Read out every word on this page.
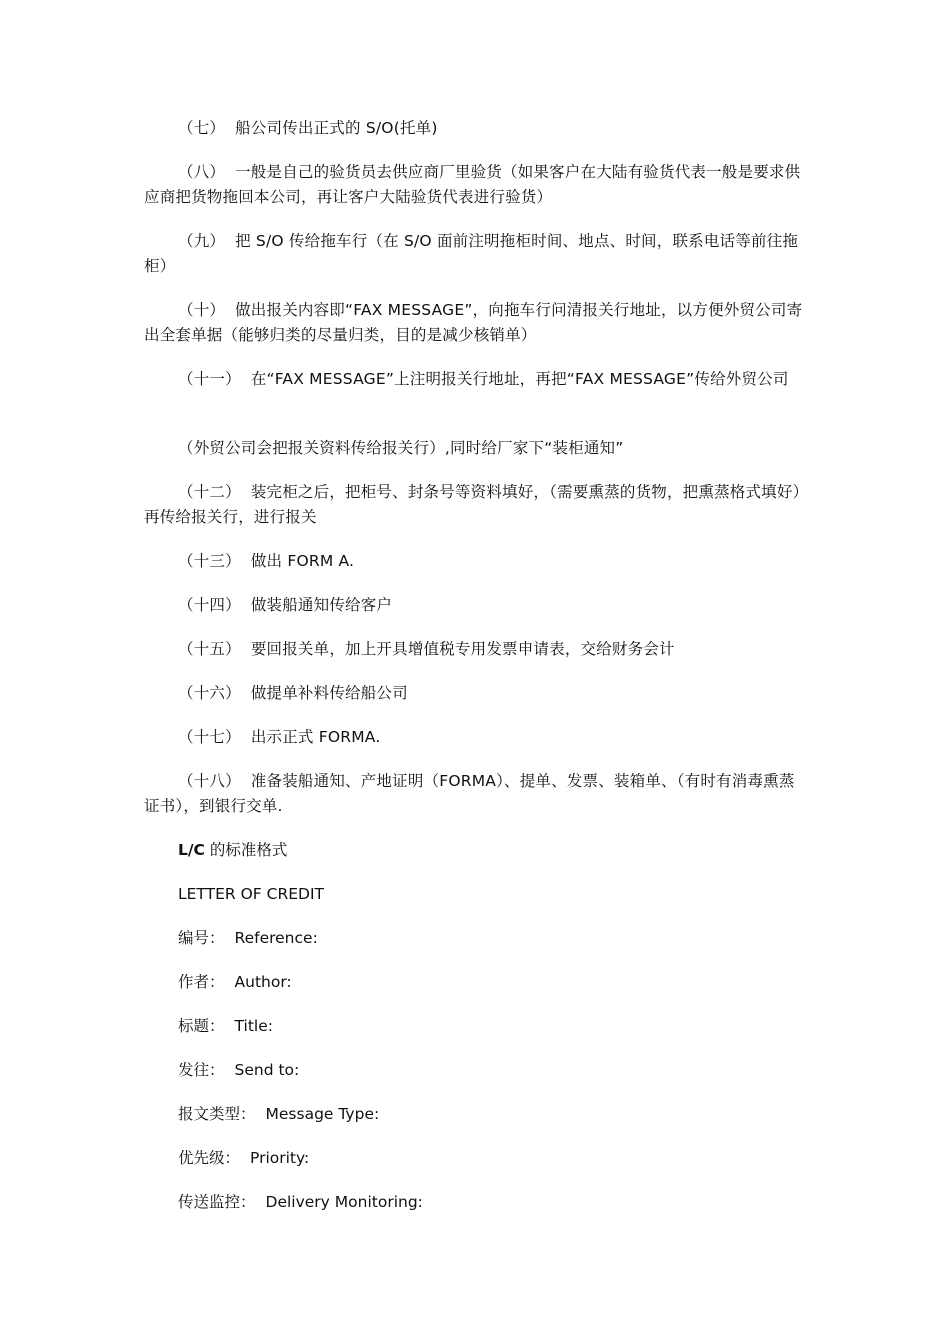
（七） 船公司传出正式的 S/O(托单)

（八） 一般是自己的验货员去供应商厂里验货（如果客户在大陆有验货代表一般是要求供应商把货物拖回本公司，再让客户大陆验货代表进行验货）

（九） 把 S/O 传给拖车行（在 S/O 面前注明拖柜时间、地点、时间，联系电话等前往拖柜）

（十） 做出报关内容即“FAX MESSAGE”，向拖车行问清报关行地址，以方便外贸公司寄出全套单据（能够归类的尽量归类，目的是减少核销单）

（十一） 在“FAX MESSAGE”上注明报关行地址，再把“FAX MESSAGE”传给外贸公司

（外贸公司会把报关资料传给报关行）,同时给厂家下“装柜通知”

（十二） 装完柜之后，把柜号、封条号等资料填好，（需要熏蒸的货物，把熏蒸格式填好）再传给报关行，进行报关

（十三） 做出 FORM A.

（十四） 做装船通知传给客户

（十五） 要回报关单，加上开具增值税专用发票申请表，交给财务会计

（十六） 做提单补料传给船公司

（十七） 出示正式 FORMA.

（十八） 准备装船通知、产地证明（FORMA）、提单、发票、装箱单、（有时有消毒熏蒸证书），到银行交单.

L/C 的标准格式

LETTER OF CREDIT

编号： Reference:

作者： Author:

标题： Title:

发往： Send to:

报文类型： Message Type:

优先级： Priority:

传送监控： Delivery Monitoring:
